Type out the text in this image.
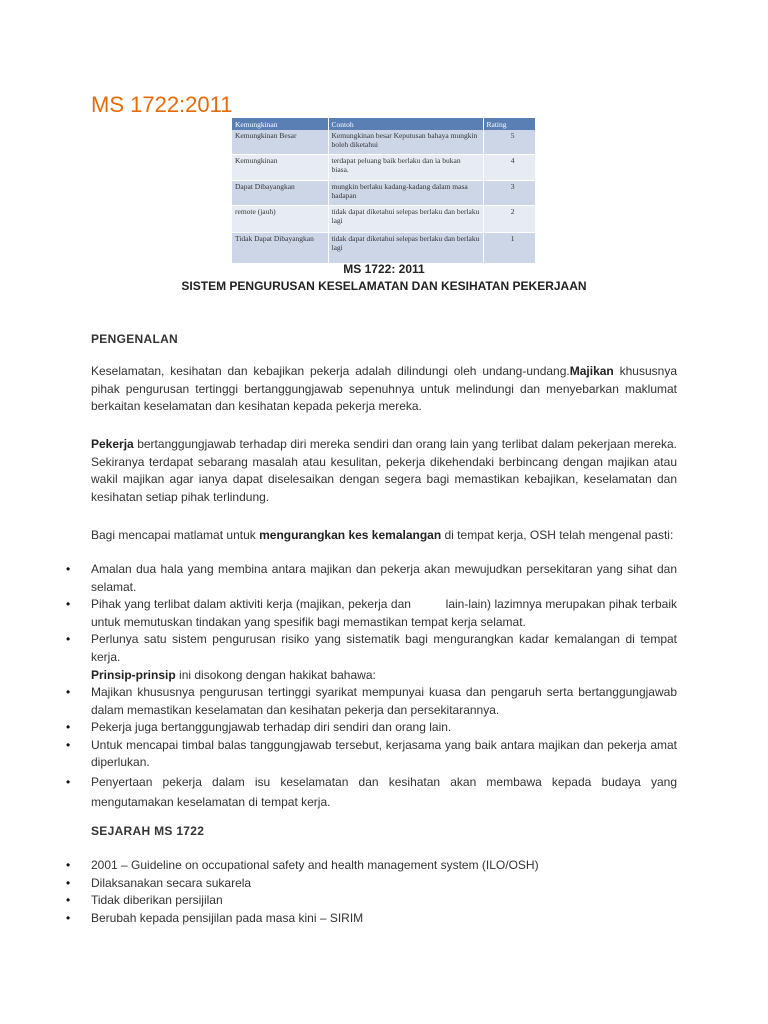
MS 1722:2011
Kemungkinan	Contoh	Rating
Kemungkinan Besar	Kemungkinan besar Keputusan bahaya mungkin boleh diketahui	5
Kemungkinan	terdapat peluang baik berlaku dan ia bukan biasa.	4
Dapat Dibayangkan	mungkin berlaku kadang-kadang dalam masa hadapan	3
remote (jauh)	tidak dapat diketahui selepas berlaku dan berlaku lagi	2
Tidak Dapat Dibayangkan	tidak dapat diketahui selepas berlaku dan berlaku lagi	1
MS 1722: 2011
SISTEM PENGURUSAN KESELAMATAN DAN KESIHATAN PEKERJAAN
PENGENALAN
Keselamatan, kesihatan dan kebajikan pekerja adalah dilindungi oleh undang-undang.Majikan khususnya pihak pengurusan tertinggi bertanggungjawab sepenuhnya untuk melindungi dan menyebarkan maklumat berkaitan keselamatan dan kesihatan kepada pekerja mereka.
Pekerja bertanggungjawab terhadap diri mereka sendiri dan orang lain yang terlibat dalam pekerjaan mereka. Sekiranya terdapat sebarang masalah atau kesulitan, pekerja dikehendaki berbincang dengan majikan atau wakil majikan agar ianya dapat diselesaikan dengan segera bagi memastikan kebajikan, keselamatan dan kesihatan setiap pihak terlindung.
Bagi mencapai matlamat untuk mengurangkan kes kemalangan di tempat kerja, OSH telah mengenal pasti:
• Amalan dua hala yang membina antara majikan dan pekerja akan mewujudkan persekitaran yang sihat dan selamat.
• Pihak yang terlibat dalam aktiviti kerja (majikan, pekerja dan          lain-lain) lazimnya merupakan pihak terbaik untuk memutuskan tindakan yang spesifik bagi memastikan tempat kerja selamat.
• Perlunya satu sistem pengurusan risiko yang sistematik bagi mengurangkan kadar kemalangan di tempat kerja.
Prinsip-prinsip ini disokong dengan hakikat bahawa:
• Majikan khususnya pengurusan tertinggi syarikat mempunyai kuasa dan pengaruh serta bertanggungjawab dalam memastikan keselamatan dan kesihatan pekerja dan persekitarannya.
• Pekerja juga bertanggungjawab terhadap diri sendiri dan orang lain.
• Untuk mencapai timbal balas tanggungjawab tersebut, kerjasama yang baik antara majikan dan pekerja amat diperlukan.
• Penyertaan pekerja dalam isu keselamatan dan kesihatan akan membawa kepada budaya yang mengutamakan keselamatan di tempat kerja.
SEJARAH MS 1722
• 2001 – Guideline on occupational safety and health management system (ILO/OSH)
• Dilaksanakan secara sukarela
• Tidak diberikan persijilan
• Berubah kepada pensijilan pada masa kini – SIRIM
